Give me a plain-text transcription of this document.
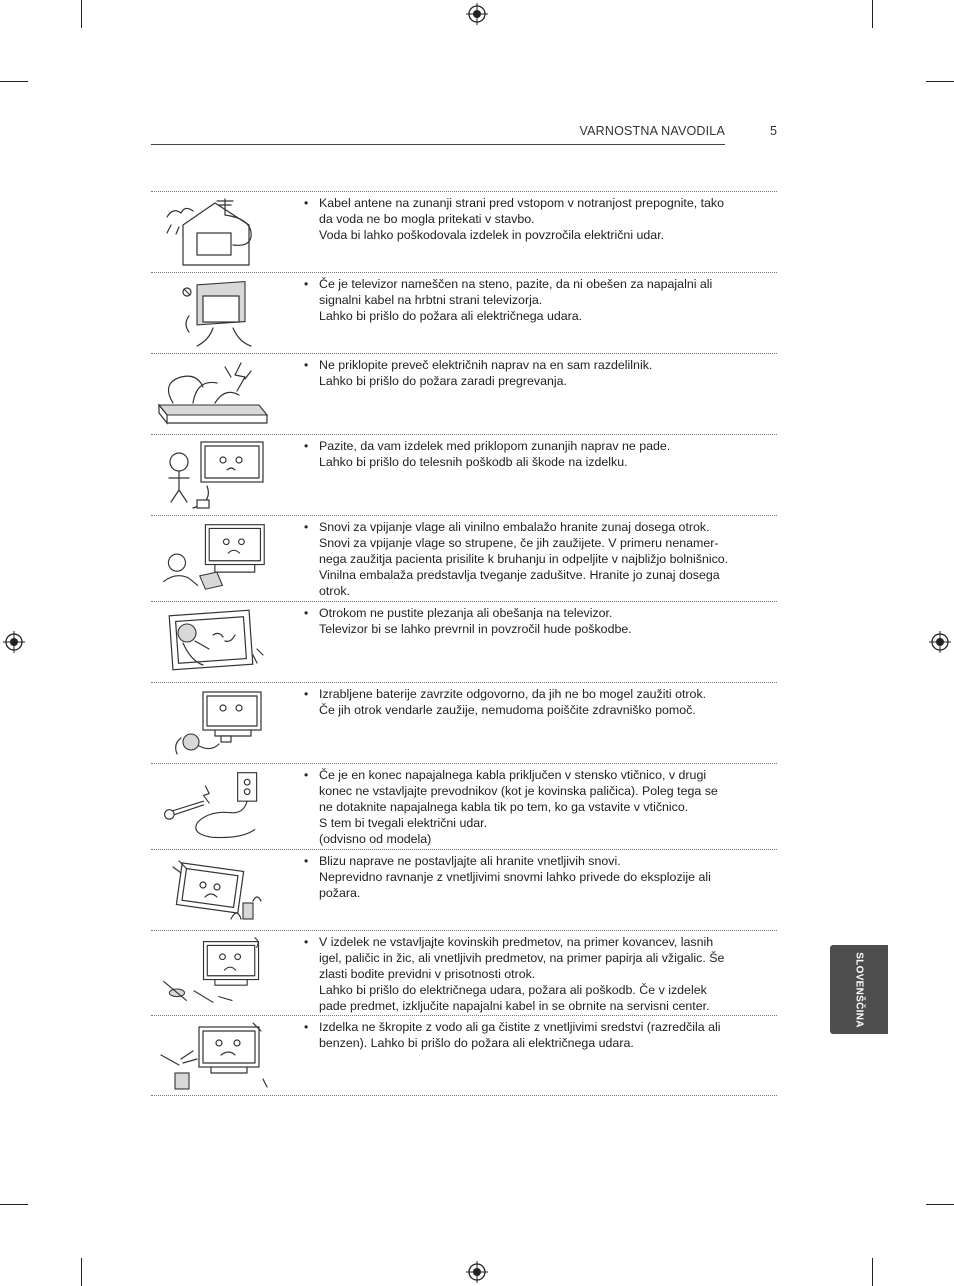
VARNOSTNA NAVODILA	5
• Kabel antene na zunanji strani pred vstopom v notranjost prepognite, tako

da voda ne bo mogla pritekati v stavbo.

Voda bi lahko poškodovala izdelek in povzročila električni udar.

• Če je televizor nameščen na steno, pazite, da ni obešen za napajalni ali

signalni kabel na hrbtni strani televizorja.

Lahko bi prišlo do požara ali električnega udara.

• Ne priklopite preveč električnih naprav na en sam razdelilnik.

Lahko bi prišlo do požara zaradi pregrevanja.

• Pazite, da vam izdelek med priklopom zunanjih naprav ne pade.

Lahko bi prišlo do telesnih poškodb ali škode na izdelku.

• Snovi za vpijanje vlage ali vinilno embalažo hranite zunaj dosega otrok.

Snovi za vpijanje vlage so strupene, če jih zaužijete. V primeru nenamer-

nega zaužitja pacienta prisilite k bruhanju in odpeljite v najbližjo bolnišnico.

Vinilna embalaža predstavlja tveganje zadušitve. Hranite jo zunaj dosega

otrok.

• Otrokom ne pustite plezanja ali obešanja na televizor.

Televizor bi se lahko prevrnil in povzročil hude poškodbe.

• Izrabljene baterije zavrzite odgovorno, da jih ne bo mogel zaužiti otrok.

Če jih otrok vendarle zaužije, nemudoma poiščite zdravniško pomoč.

• Če je en konec napajalnega kabla priključen v stensko vtičnico, v drugi

konec ne vstavljajte prevodnikov (kot je kovinska paličica). Poleg tega se

ne dotaknite napajalnega kabla tik po tem, ko ga vstavite v vtičnico.

S tem bi tvegali električni udar.

(odvisno od modela)

• Blizu naprave ne postavljajte ali hranite vnetljivih snovi.

Neprevidno ravnanje z vnetljivimi snovmi lahko privede do eksplozije ali

požara.

• V izdelek ne vstavljajte kovinskih predmetov, na primer kovancev, lasnih

igel, paličic in žic, ali vnetljivih predmetov, na primer papirja ali vžigalic. Še

zlasti bodite previdni v prisotnosti otrok.

Lahko bi prišlo do električnega udara, požara ali poškodb. Če v izdelek

pade predmet, izključite napajalni kabel in se obrnite na servisni center.

• Izdelka ne škropite z vodo ali ga čistite z vnetljivimi sredstvi (razredčila ali

benzen). Lahko bi prišlo do požara ali električnega udara.

SLOVENŠČINA
